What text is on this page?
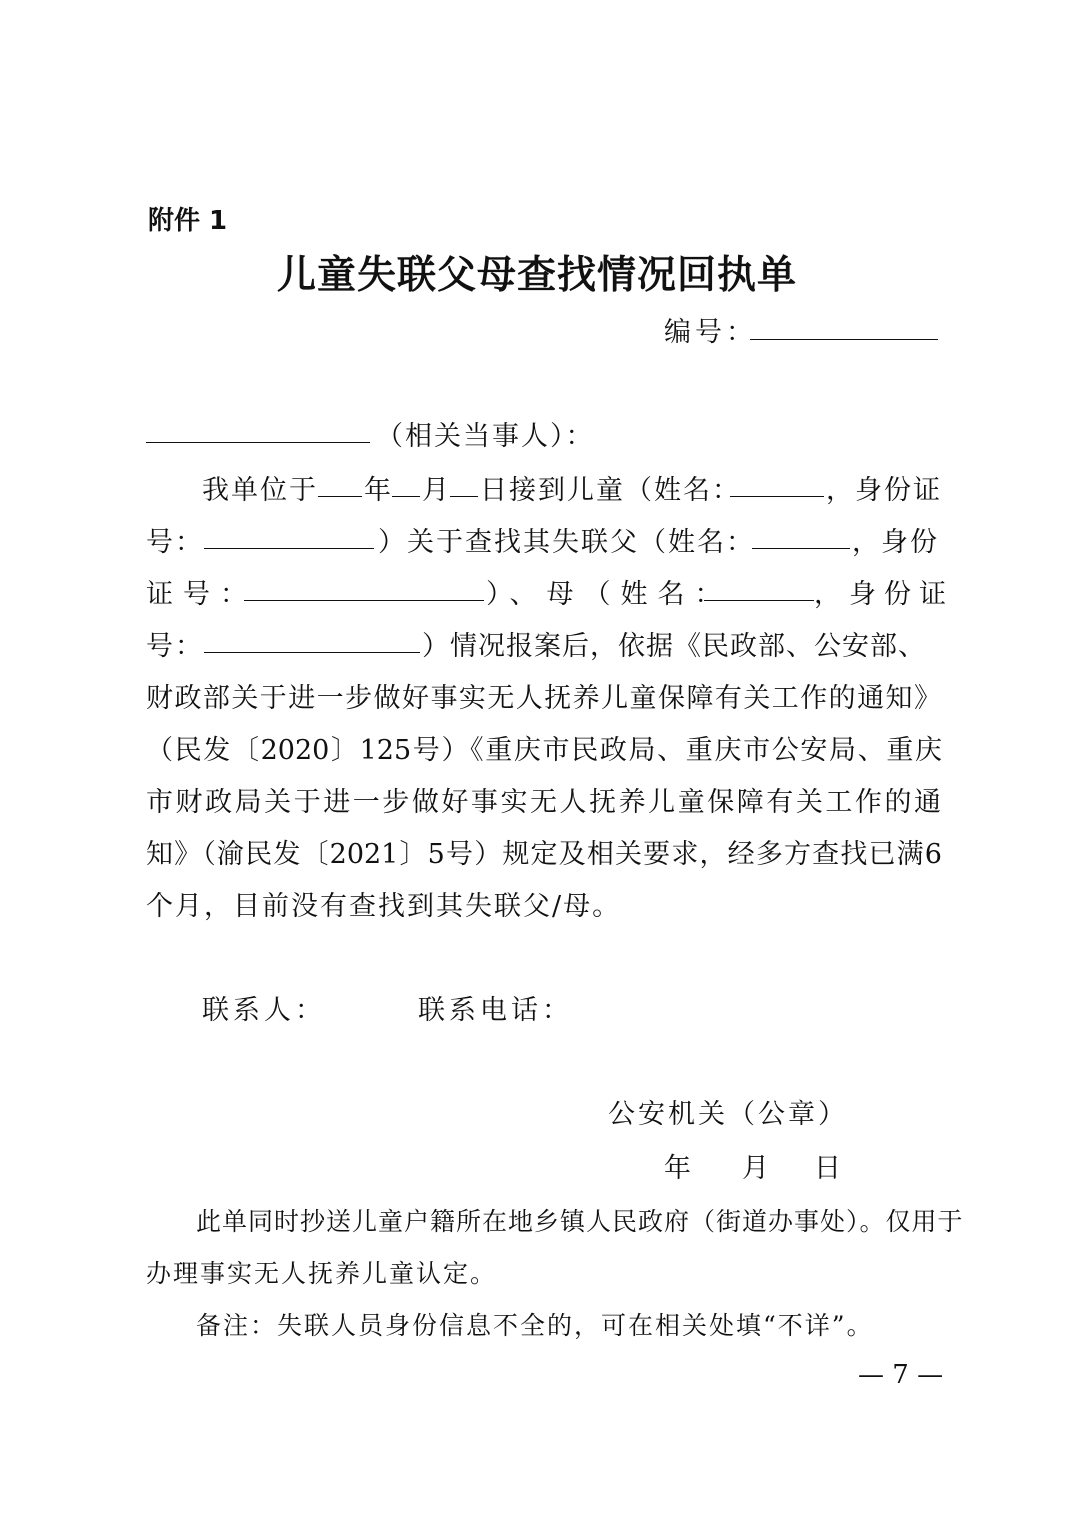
附件 1
儿童失联父母查找情况回执单
编号：
（相关当事人）：
我单位于 年 月 日接到儿童（姓名：	，身份证
号：	）关于查找其失联父（姓名：	，身份
证号：	）、母（姓名：	，身份证
号：	）情况报案后，依据《民政部、公安部、
财政部关于进一步做好事实无人抚养儿童保障有关工作的通知》
（民发〔2020〕125号）《重庆市民政局、重庆市公安局、重庆
市财政局关于进一步做好事实无人抚养儿童保障有关工作的通
知》（渝民发〔2021〕5号）规定及相关要求，经多方查找已满6
个月，目前没有查找到其失联父/母。
联系人：	联系电话：
公安机关（公章）
年 月 日
此单同时抄送儿童户籍所在地乡镇人民政府（街道办事处）。仅用于
办理事实无人抚养儿童认定。
备注：失联人员身份信息不全的，可在相关处填“不详”。
— 7 —
